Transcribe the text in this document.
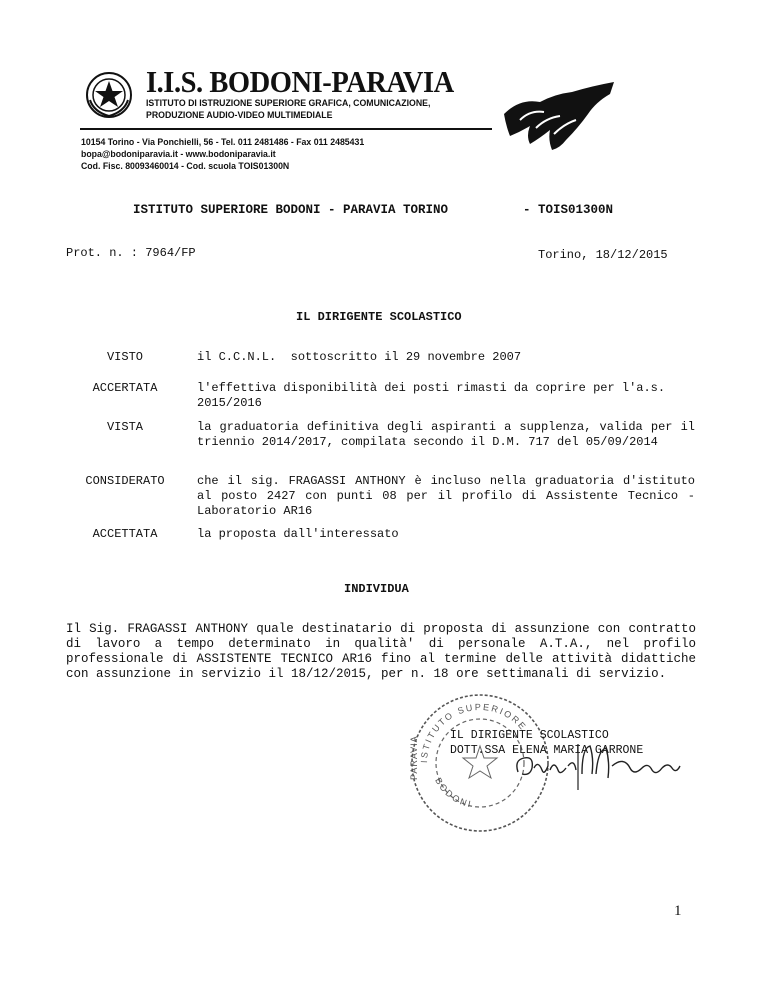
I.I.S. BODONI-PARAVIA
ISTITUTO DI ISTRUZIONE SUPERIORE GRAFICA, COMUNICAZIONE,
PRODUZIONE AUDIO-VIDEO MULTIMEDIALE
10154 Torino - Via Ponchielli, 56 - Tel. 011 2481486 - Fax 011 2485431
bopa@bodoniparavia.it - www.bodoniparavia.it
Cod. Fisc. 80093460014 - Cod. scuola TOIS01300N
ISTITUTO SUPERIORE BODONI - PARAVIA TORINO	- TOIS01300N
Prot. n. : 7964/FP	Torino, 18/12/2015
IL DIRIGENTE SCOLASTICO
VISTO	il C.C.N.L.  sottoscritto il 29 novembre 2007
ACCERTATA	l'effettiva disponibilità dei posti rimasti da coprire per l'a.s. 2015/2016
VISTA	la graduatoria definitiva degli aspiranti a supplenza, valida per il triennio 2014/2017, compilata secondo il D.M. 717 del 05/09/2014
CONSIDERATO	che il sig. FRAGASSI ANTHONY è incluso nella graduatoria d'istituto al posto 2427 con punti 08 per il profilo di Assistente Tecnico - Laboratorio AR16
ACCETTATA	la proposta dall'interessato
INDIVIDUA
Il Sig. FRAGASSI ANTHONY quale destinatario di proposta di assunzione con contratto di lavoro a tempo determinato in qualità' di personale A.T.A., nel profilo professionale di ASSISTENTE TECNICO AR16 fino al termine delle attività didattiche con assunzione in servizio il 18/12/2015, per n. 18 ore settimanali di servizio.
ISTITUTO SUPERIORE
PARAVIA
BODONI
IL DIRIGENTE SCOLASTICO
DOTT.SSA ELENA MARIA GARRONE
1
